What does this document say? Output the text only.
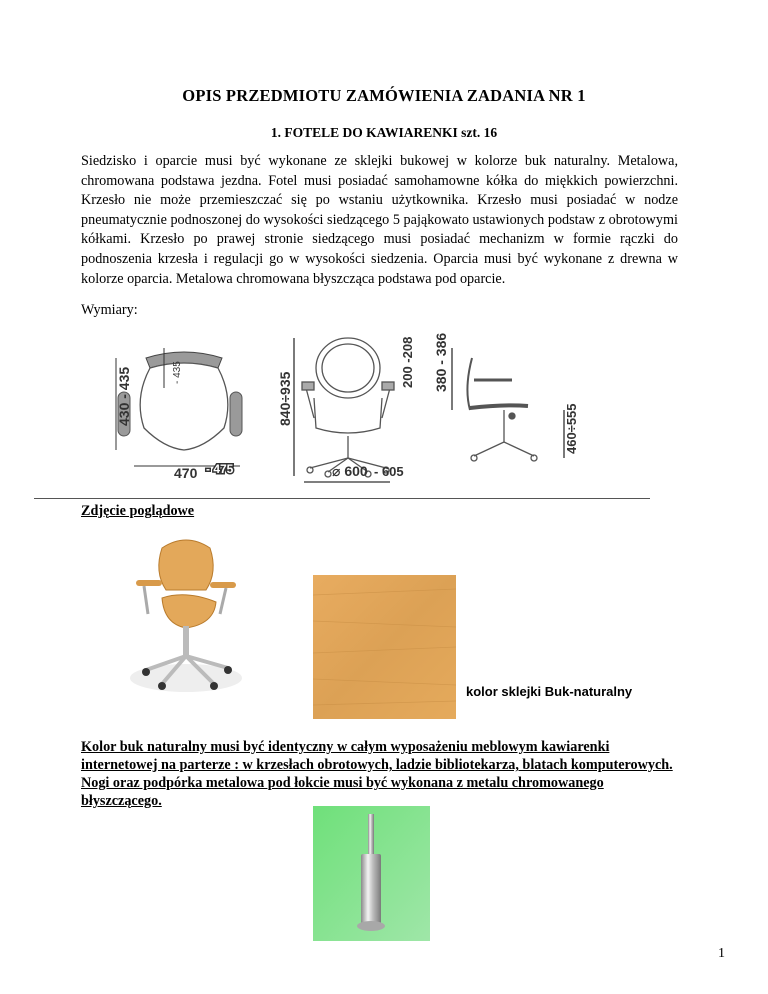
OPIS PRZEDMIOTU ZAMÓWIENIA ZADANIA NR 1
1. FOTELE DO KAWIARENKI szt. 16
Siedzisko i oparcie musi być wykonane ze sklejki bukowej w kolorze buk naturalny. Metalowa, chromowana podstawa jezdna. Fotel musi posiadać samohamowne kółka do miękkich powierzchni. Krzesło nie może przemieszczać się po wstaniu użytkownika. Krzesło musi posiadać w nodze pneumatycznie podnoszonej do wysokości siedzącego 5 pająkowato ustawionych podstaw z obrotowymi kółkami. Krzesło po prawej stronie siedzącego musi posiadać mechanizm w formie rączki do podnoszenia krzesła i regulacji go w wysokości siedzenia. Oparcia musi być wykonane z drewna w kolorze oparcia. Metalowa chromowana błyszcząca podstawa pod oparcie.
Wymiary:
430 - 435	- 435
470 - 475
840÷935
200 -208
⌀ 600 - 605
380 - 386
460÷555
Zdjęcie poglądowe
kolor sklejki Buk-naturalny
Kolor buk naturalny musi być identyczny w całym wyposażeniu meblowym kawiarenki internetowej na parterze : w krzesłach obrotowych, ladzie bibliotekarza, blatach komputerowych.
Nogi oraz podpórka metalowa pod łokcie musi być wykonana z metalu chromowanego błyszczącego.
1
